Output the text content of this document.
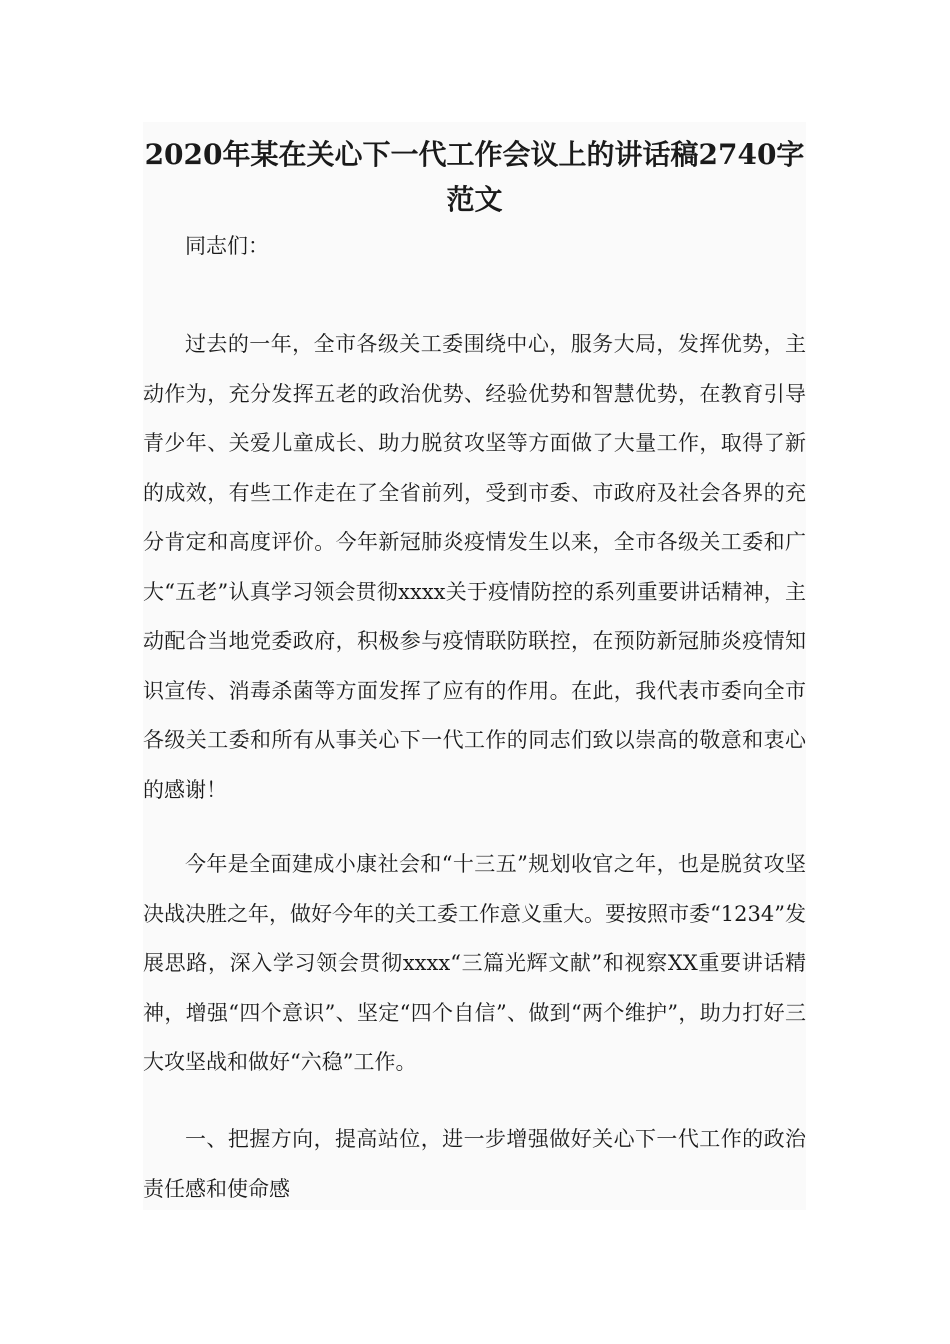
2020年某在关心下一代工作会议上的讲话稿2740字范文

同志们：

过去的一年，全市各级关工委围绕中心，服务大局，发挥优势，主动作为，充分发挥五老的政治优势、经验优势和智慧优势，在教育引导青少年、关爱儿童成长、助力脱贫攻坚等方面做了大量工作，取得了新的成效，有些工作走在了全省前列，受到市委、市政府及社会各界的充分肯定和高度评价。今年新冠肺炎疫情发生以来，全市各级关工委和广大“五老”认真学习领会贯彻xxxx关于疫情防控的系列重要讲话精神，主动配合当地党委政府，积极参与疫情联防联控，在预防新冠肺炎疫情知识宣传、消毒杀菌等方面发挥了应有的作用。在此，我代表市委向全市各级关工委和所有从事关心下一代工作的同志们致以崇高的敬意和衷心的感谢！

今年是全面建成小康社会和“十三五”规划收官之年，也是脱贫攻坚决战决胜之年，做好今年的关工委工作意义重大。要按照市委“1234”发展思路，深入学习领会贯彻xxxx“三篇光辉文献”和视察XX重要讲话精神，增强“四个意识”、坚定“四个自信”、做到“两个维护”，助力打好三大攻坚战和做好“六稳”工作。

一、把握方向，提高站位，进一步增强做好关心下一代工作的政治责任感和使命感
